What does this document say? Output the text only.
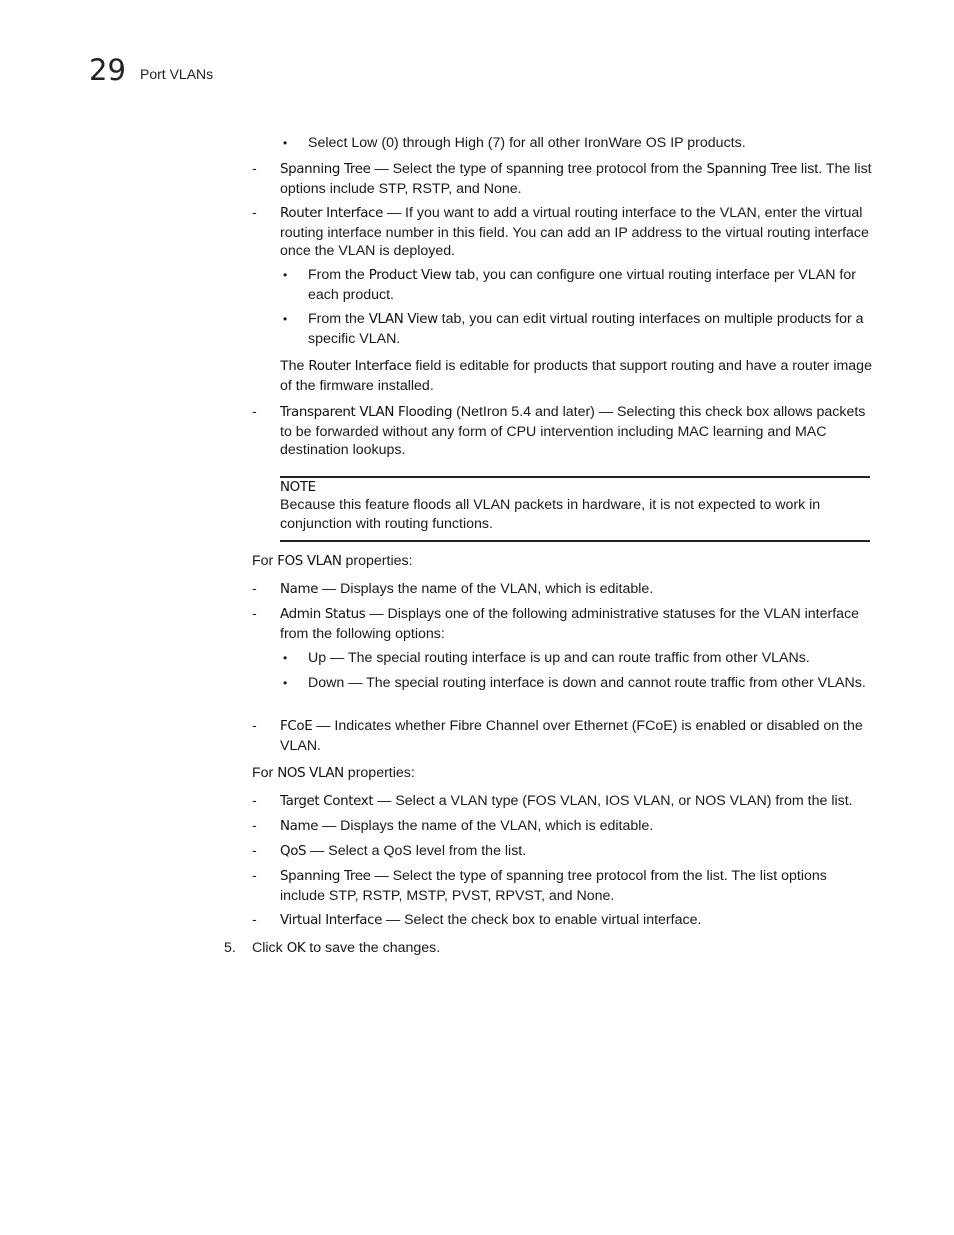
29 Port VLANs
• Select Low (0) through High (7) for all other IronWare OS IP products.

-	Spanning Tree — Select the type of spanning tree protocol from the Spanning Tree list. The list options include STP, RSTP, and None.

-	Router Interface — If you want to add a virtual routing interface to the VLAN, enter the virtual routing interface number in this field. You can add an IP address to the virtual routing interface once the VLAN is deployed.

• From the Product View tab, you can configure one virtual routing interface per VLAN for each product.

• From the VLAN View tab, you can edit virtual routing interfaces on multiple products for a specific VLAN.

The Router Interface field is editable for products that support routing and have a router image of the firmware installed.

-	Transparent VLAN Flooding (NetIron 5.4 and later) — Selecting this check box allows packets to be forwarded without any form of CPU intervention including MAC learning and MAC destination lookups.

NOTE

Because this feature floods all VLAN packets in hardware, it is not expected to work in conjunction with routing functions.

For FOS VLAN properties:

-	Name — Displays the name of the VLAN, which is editable.

-	Admin Status — Displays one of the following administrative statuses for the VLAN interface from the following options:

• Up — The special routing interface is up and can route traffic from other VLANs.

• Down — The special routing interface is down and cannot route traffic from other VLANs.

-	FCoE — Indicates whether Fibre Channel over Ethernet (FCoE) is enabled or disabled on the VLAN.

For NOS VLAN properties:

-	Target Context — Select a VLAN type (FOS VLAN, IOS VLAN, or NOS VLAN) from the list.

-	Name — Displays the name of the VLAN, which is editable.

-	QoS — Select a QoS level from the list.

-	Spanning Tree — Select the type of spanning tree protocol from the list. The list options include STP, RSTP, MSTP, PVST, RPVST, and None.

-	Virtual Interface — Select the check box to enable virtual interface.

5. Click OK to save the changes.
